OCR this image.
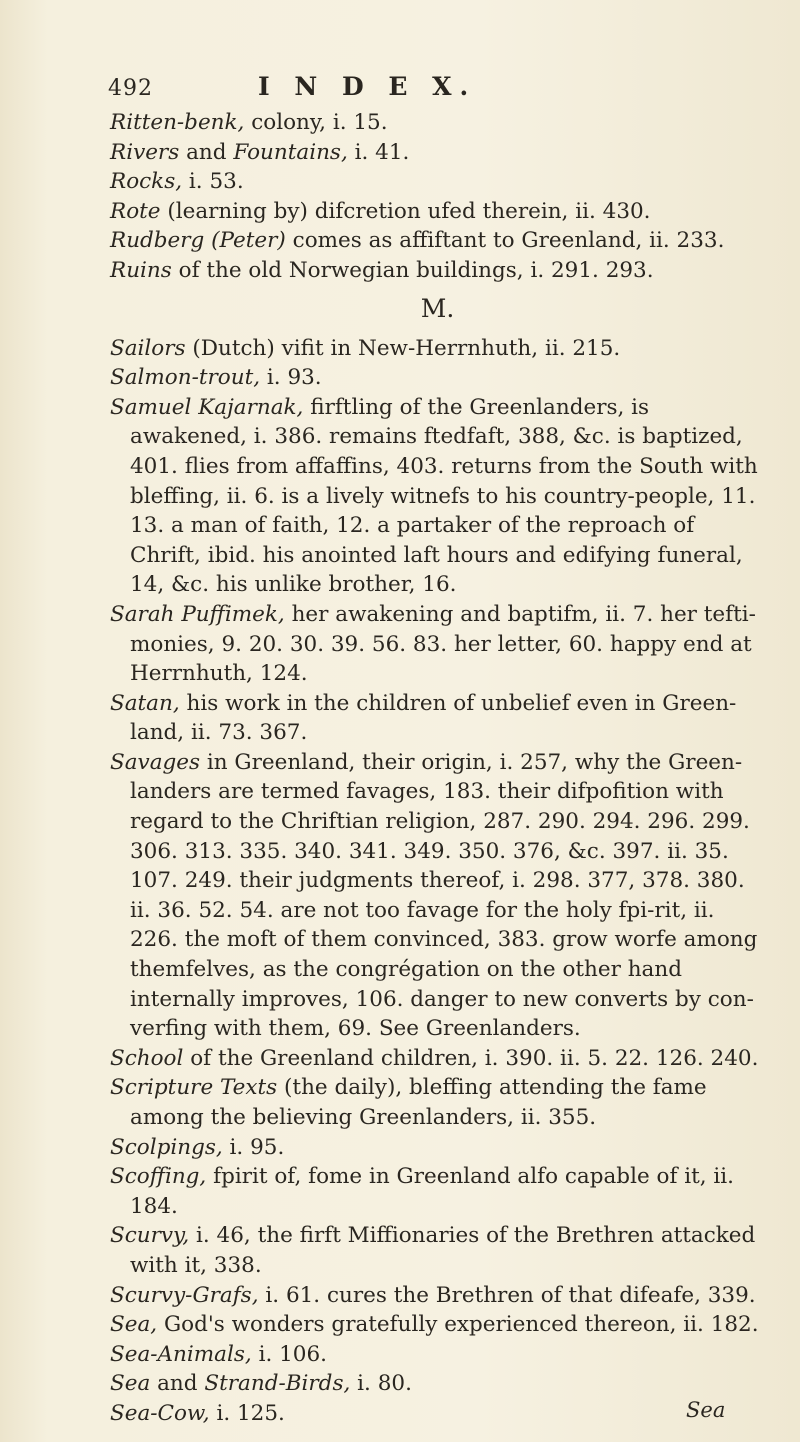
492	I N D E X.

Ritten-benk, colony, i. 15.

Rivers and Fountains, i. 41.

Rocks, i. 53.

Rote (learning by) difcretion ufed therein, ii. 430.

Rudberg (Peter) comes as affiftant to Greenland, ii. 233.

Ruins of the old Norwegian buildings, i. 291. 293.

M.

Sailors (Dutch) vifit in New-Herrnhuth, ii. 215.

Salmon-trout, i. 93.

Samuel Kajarnak, firftling of the Greenlanders, is awakened, i. 386. remains ftedfaft, 388, &c. is baptized, 401. flies from affaffins, 403. returns from the South with bleffing, ii. 6. is a lively witnefs to his country-people, 11. 13. a man of faith, 12. a partaker of the reproach of Chrift, ibid. his anointed laft hours and edifying funeral, 14, &c. his unlike brother, 16.

Sarah Puffimek, her awakening and baptifm, ii. 7. her tefti-monies, 9. 20. 30. 39. 56. 83. her letter, 60. happy end at Herrnhuth, 124.

Satan, his work in the children of unbelief even in Green-land, ii. 73. 367.

Savages in Greenland, their origin, i. 257, why the Green-landers are termed favages, 183. their difpofition with regard to the Chriftian religion, 287. 290. 294. 296. 299. 306. 313. 335. 340. 341. 349. 350. 376, &c. 397. ii. 35. 107. 249. their judgments thereof, i. 298. 377, 378. 380. ii. 36. 52. 54. are not too favage for the holy fpi-rit, ii. 226. the moft of them convinced, 383. grow worfe among themfelves, as the congrégation on the other hand internally improves, 106. danger to new converts by con-verfing with them, 69. See Greenlanders.

School of the Greenland children, i. 390. ii. 5. 22. 126. 240.

Scripture Texts (the daily), bleffing attending the fame among the believing Greenlanders, ii. 355.

Scolpings, i. 95.

Scoffing, fpirit of, fome in Greenland alfo capable of it, ii. 184.

Scurvy, i. 46, the firft Miffionaries of the Brethren attacked with it, 338.

Scurvy-Grafs, i. 61. cures the Brethren of that difeafe, 339.

Sea, God's wonders gratefully experienced thereon, ii. 182.

Sea-Animals, i. 106.

Sea and Strand-Birds, i. 80.

Sea-Cow, i. 125.	Sea
